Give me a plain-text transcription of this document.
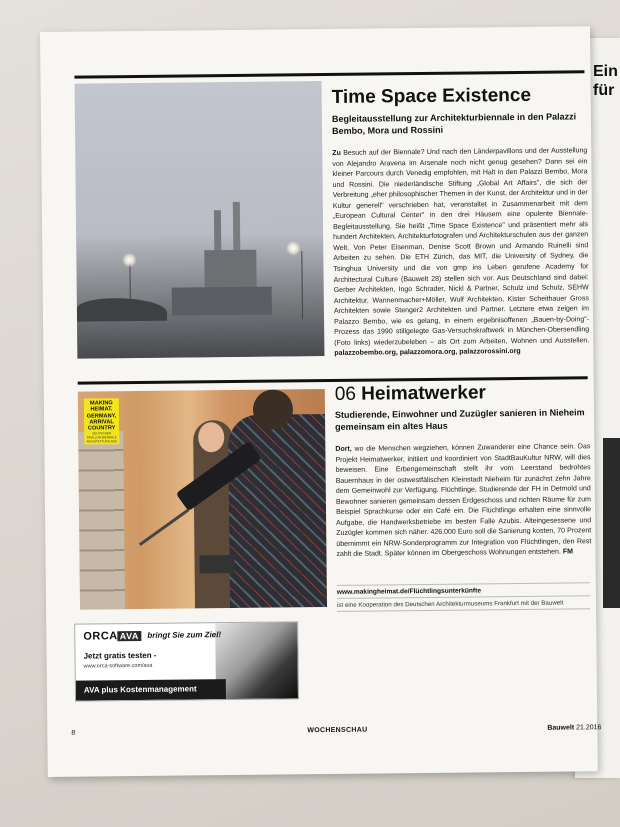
Ein
für
Time Space Existence
Begleitausstellung zur Architekturbiennale in den Palazzi Bembo, Mora und Rossini
Zu Besuch auf der Biennale? Und nach den Länderpavillons und der Ausstellung von Alejandro Aravena im Arsenale noch nicht genug gesehen? Dann sei ein kleiner Parcours durch Venedig empfohlen, mit Halt in den Palazzi Bembo, Mora und Rossini. Die niederländische Stiftung „Global Art Affairs", die sich der Verbreitung „eher philosophischer Themen in der Kunst, der Architektur und in der Kultur generell" verschrieben hat, veranstaltet in Zusammenarbeit mit dem „European Cultural Center" in den drei Häusern eine opulente Biennale-Begleitausstellung. Sie heißt „Time Space Existence" und präsentiert mehr als hundert Architekten, Architekturfotografen und Architekturschulen aus der ganzen Welt. Von Peter Eisenman, Denise Scott Brown und Armando Ruinelli sind Arbeiten zu sehen. Die ETH Zürich, das MIT, die University of Sydney, die Tsinghua University und die von gmp ins Leben gerufene Academy for Architectural Culture (Bauwelt 28) stellen sich vor. Aus Deutschland sind dabei: Gerber Architekten, Ingo Schrader, Nickl & Partner, Schulz und Schulz, SEHW Architektur, Wannenmacher+Möller, Wulf Architekten, Kister Scheithauer Gross Architekten sowie Stenger2 Architekten und Partner. Letztere etwa zeigen im Palazzo Bembo, wie es gelang, in einem ergebnisoffenen „Bauen-by-Doing"-Prozess das 1990 stillgelegte Gas-Versuchskraftwerk in München-Obersendling (Foto links) wiederzubeleben – als Ort zum Arbeiten, Wohnen und Ausstellen. palazzobembo.org, palazzomora.org, palazzorossini.org
MAKING HEIMAT. GERMANY, ARRIVAL COUNTRY
DEUTSCHER PAVILLON BIENNALE ARCHITETTURA 2016
06 Heimatwerker
Studierende, Einwohner und Zuzügler sanieren in Nieheim gemeinsam ein altes Haus
Dort, wo die Menschen wegziehen, können Zuwanderer eine Chance sein. Das Projekt Heimatwerker, initiiert und koordiniert von StadtBauKultur NRW, will dies beweisen. Eine Erbengemeinschaft stellt ihr vom Leerstand bedrohtes Bauernhaus in der ostwestfälischen Kleinstadt Nieheim für zunächst zehn Jahre dem Gemeinwohl zur Verfügung. Flüchtlinge, Studierende der FH in Detmold und Bewohner sanieren gemeinsam dessen Erdgeschoss und richten Räume für zum Beispiel Sprachkurse oder ein Café ein. Die Flüchtlinge erhalten eine sinnvolle Aufgabe, die Handwerksbetriebe im besten Falle Azubis. Alteingesessene und Zuzügler kommen sich näher. 426.000 Euro soll die Sanierung kosten, 70 Prozent übernimmt ein NRW-Sonderprogramm zur Integration von Flüchtlingen, den Rest zahlt die Stadt. Später können im Obergeschoss Wohnungen entstehen. FM
www.makingheimat.de/Flüchtlingsunterkünfte
ist eine Kooperation des Deutschen Architekturmuseums Frankfurt mit der Bauwelt
ORCA AVA bringt Sie zum Ziel!
Jetzt gratis testen -
www.orca-software.com/ava
AVA plus Kostenmanagement
8	WOCHENSCHAU	Bauwelt 21.2016
